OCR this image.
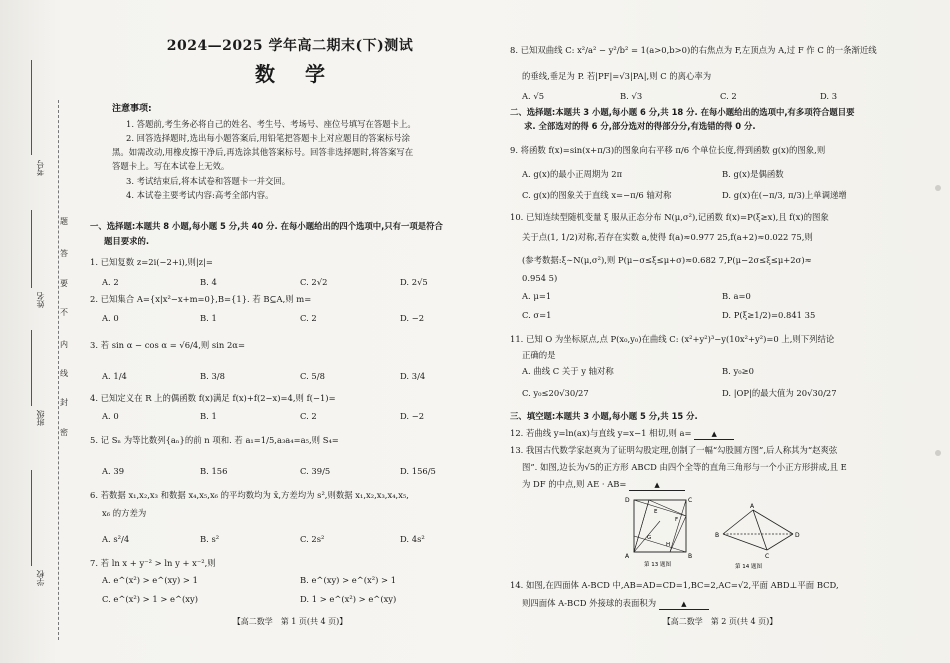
考号
姓名
班级
学校
题
答
要
不
内
线
封
密
2024—2025 学年高二期末(下)测试
数学
注意事项:
1. 答题前,考生务必将自己的姓名、考生号、考场号、座位号填写在答题卡上。
2. 回答选择题时,选出每小题答案后,用铅笔把答题卡上对应题目的答案标号涂
黑。如需改动,用橡皮擦干净后,再选涂其他答案标号。回答非选择题时,将答案写在
答题卡上。写在本试卷上无效。
3. 考试结束后,将本试卷和答题卡一并交回。
4. 本试卷主要考试内容:高考全部内容。
一、选择题:本题共 8 小题,每小题 5 分,共 40 分. 在每小题给出的四个选项中,只有一项是符合
题目要求的.
1. 已知复数 z=2i(−2+i),则|z|=
A. 2	B. 4	C. 2√2	D. 2√5
2. 已知集合 A={x|x²−x+m=0},B={1}. 若 B⊆A,则 m=
A. 0	B. 1	C. 2	D. −2
3. 若 sin α − cos α = √6/4,则 sin 2α=
A. 1/4	B. 3/8	C. 5/8	D. 3/4
4. 已知定义在 R 上的偶函数 f(x)满足 f(x)+f(2−x)=4,则 f(−1)=
A. 0	B. 1	C. 2	D. −2
5. 记 Sₙ 为等比数列{aₙ}的前 n 项和. 若 a₁=1/5,a₃a₄=a₅,则 S₄=
A. 39	B. 156	C. 39/5	D. 156/5
6. 若数据 x₁,x₂,x₃ 和数据 x₄,x₅,x₆ 的平均数均为 x̄,方差均为 s²,则数据 x₁,x₂,x₃,x₄,x₅,
x₆ 的方差为
A. s²/4	B. s²	C. 2s²	D. 4s²
7. 若 ln x + y⁻² > ln y + x⁻²,则
A. e^(x²) > e^(xy) > 1	B. e^(xy) > e^(x²) > 1
C. e^(x²) > 1 > e^(xy)	D. 1 > e^(x²) > e^(xy)
【高二数学　第 1 页(共 4 页)】
8. 已知双曲线 C: x²/a² − y²/b² = 1(a>0,b>0)的右焦点为 F,左顶点为 A,过 F 作 C 的一条渐近线
的垂线,垂足为 P. 若|PF|=√3|PA|,则 C 的离心率为
A. √5	B. √3	C. 2	D. 3
二、选择题:本题共 3 小题,每小题 6 分,共 18 分. 在每小题给出的选项中,有多项符合题目要
求. 全部选对的得 6 分,部分选对的得部分分,有选错的得 0 分.
9. 将函数 f(x)=sin(x+π/3)的图象向右平移 π/6 个单位长度,得到函数 g(x)的图象,则
A. g(x)的最小正周期为 2π	B. g(x)是偶函数
C. g(x)的图象关于直线 x=−π/6 轴对称	D. g(x)在(−π/3, π/3)上单调递增
10. 已知连续型随机变量 ξ 服从正态分布 N(μ,σ²),记函数 f(x)=P(ξ≥x),且 f(x)的图象
关于点(1, 1/2)对称,若存在实数 a,使得 f(a)≈0.977 25,f(a+2)≈0.022 75,则
(参考数据:ξ∼N(μ,σ²),则 P(μ−σ≤ξ≤μ+σ)≈0.682 7,P(μ−2σ≤ξ≤μ+2σ)≈
0.954 5)
A. μ=1	B. a=0
C. σ=1	D. P(ξ≥1/2)=0.841 35
11. 已知 O 为坐标原点,点 P(x₀,y₀)在曲线 C: (x²+y²)³−y(10x²+y²)=0 上,则下列结论
正确的是
A. 曲线 C 关于 y 轴对称	B. y₀≥0
C. y₀≤20√30/27	D. |OP|的最大值为 20√30/27
三、填空题:本题共 3 小题,每小题 5 分,共 15 分.
12. 若曲线 y=ln(ax)与直线 y=x−1 相切,则 a=	▲
13. 我国古代数学家赵爽为了证明勾股定理,创制了一幅“勾股圆方图”,后人称其为“赵爽弦
图”. 如图,边长为√5的正方形 ABCD 由四个全等的直角三角形与一个小正方形拼成,且 E
为 DF 的中点,则 AE · AB=	▲
D	C
A	B
E
F
G
H
第 13 题图
A
B
C
D
第 14 题图
14. 如图,在四面体 A-BCD 中,AB=AD=CD=1,BC=2,AC=√2,平面 ABD⊥平面 BCD,
则四面体 A-BCD 外接球的表面积为	▲
【高二数学　第 2 页(共 4 页)】
